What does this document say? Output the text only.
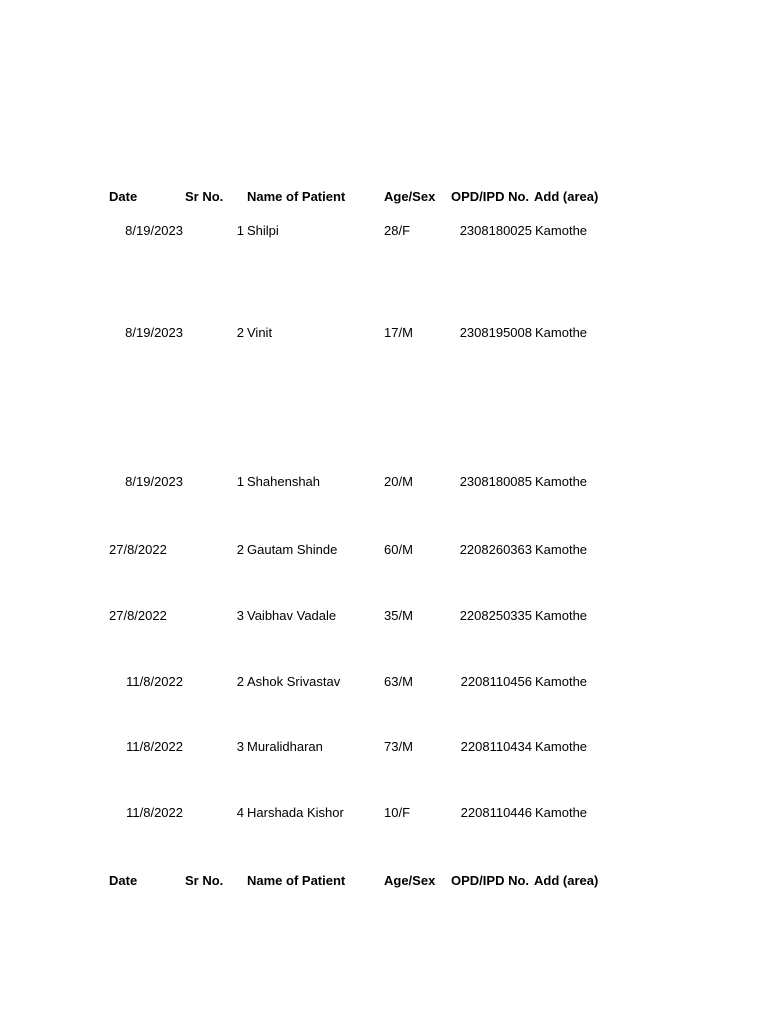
Date	Sr No. Name of Patient	Age/Sex OPD/IPD No. Add (area)
8/19/2023	1 Shilpi	28/F	2308180025 Kamothe
8/19/2023	2 Vinit	17/M	2308195008 Kamothe
8/19/2023	1 Shahenshah	20/M	2308180085 Kamothe
27/8/2022	2 Gautam Shinde	60/M	2208260363 Kamothe
27/8/2022	3 Vaibhav Vadale	35/M	2208250335 Kamothe
11/8/2022	2 Ashok Srivastav	63/M	2208110456 Kamothe
11/8/2022	3 Muralidharan	73/M	2208110434 Kamothe
11/8/2022	4 Harshada Kishor	10/F	2208110446 Kamothe
Date	Sr No. Name of Patient	Age/Sex OPD/IPD No. Add (area)
